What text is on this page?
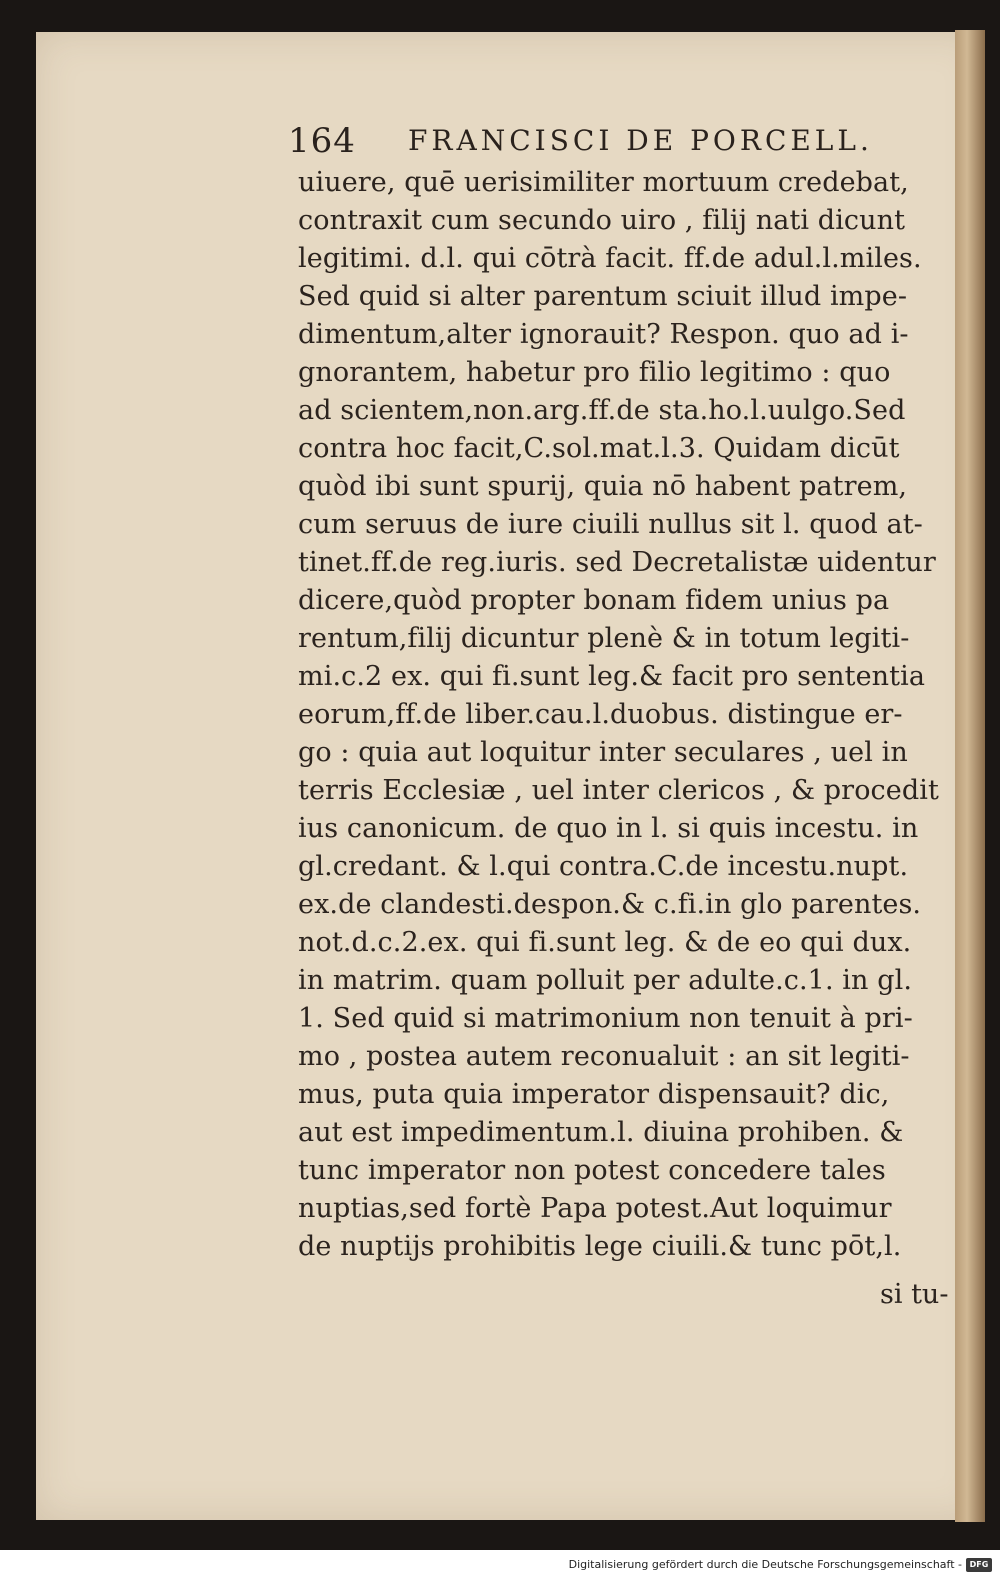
164 FRANCISCI DE PORCELL.
uiuere, quē uerisimiliter mortuum credebat,
contraxit cum secundo uiro , filij nati dicunt
legitimi. d.l. qui cōtrà facit. ff.de adul.l.miles.
Sed quid si alter parentum sciuit illud impe-
dimentum,alter ignorauit? Respon. quo ad i-
gnorantem, habetur pro filio legitimo : quo
ad scientem,non.arg.ff.de sta.ho.l.uulgo.Sed
contra hoc facit,C.sol.mat.l.3. Quidam dicūt
quòd ibi sunt spurij, quia nō habent patrem,
cum seruus de iure ciuili nullus sit l. quod at-
tinet.ff.de reg.iuris. sed Decretalistæ uidentur
dicere,quòd propter bonam fidem unius pa
rentum,filij dicuntur plenè & in totum legiti-
mi.c.2 ex. qui fi.sunt leg.& facit pro sententia
eorum,ff.de liber.cau.l.duobus. distingue er-
go : quia aut loquitur inter seculares , uel in
terris Ecclesiæ , uel inter clericos , & procedit
ius canonicum. de quo in l. si quis incestu. in
gl.credant. & l.qui contra.C.de incestu.nupt.
ex.de clandesti.despon.& c.fi.in glo parentes.
not.d.c.2.ex. qui fi.sunt leg. & de eo qui dux.
in matrim. quam polluit per adulte.c.1. in gl.
1. Sed quid si matrimonium non tenuit à pri-
mo , postea autem reconualuit : an sit legiti-
mus, puta quia imperator dispensauit? dic,
aut est impedimentum.l. diuina prohiben. &
tunc imperator non potest concedere tales
nuptias,sed fortè Papa potest.Aut loquimur
de nuptijs prohibitis lege ciuili.& tunc pōt,l.
si tu-
Digitalisierung gefördert durch die Deutsche Forschungsgemeinschaft - DFG
